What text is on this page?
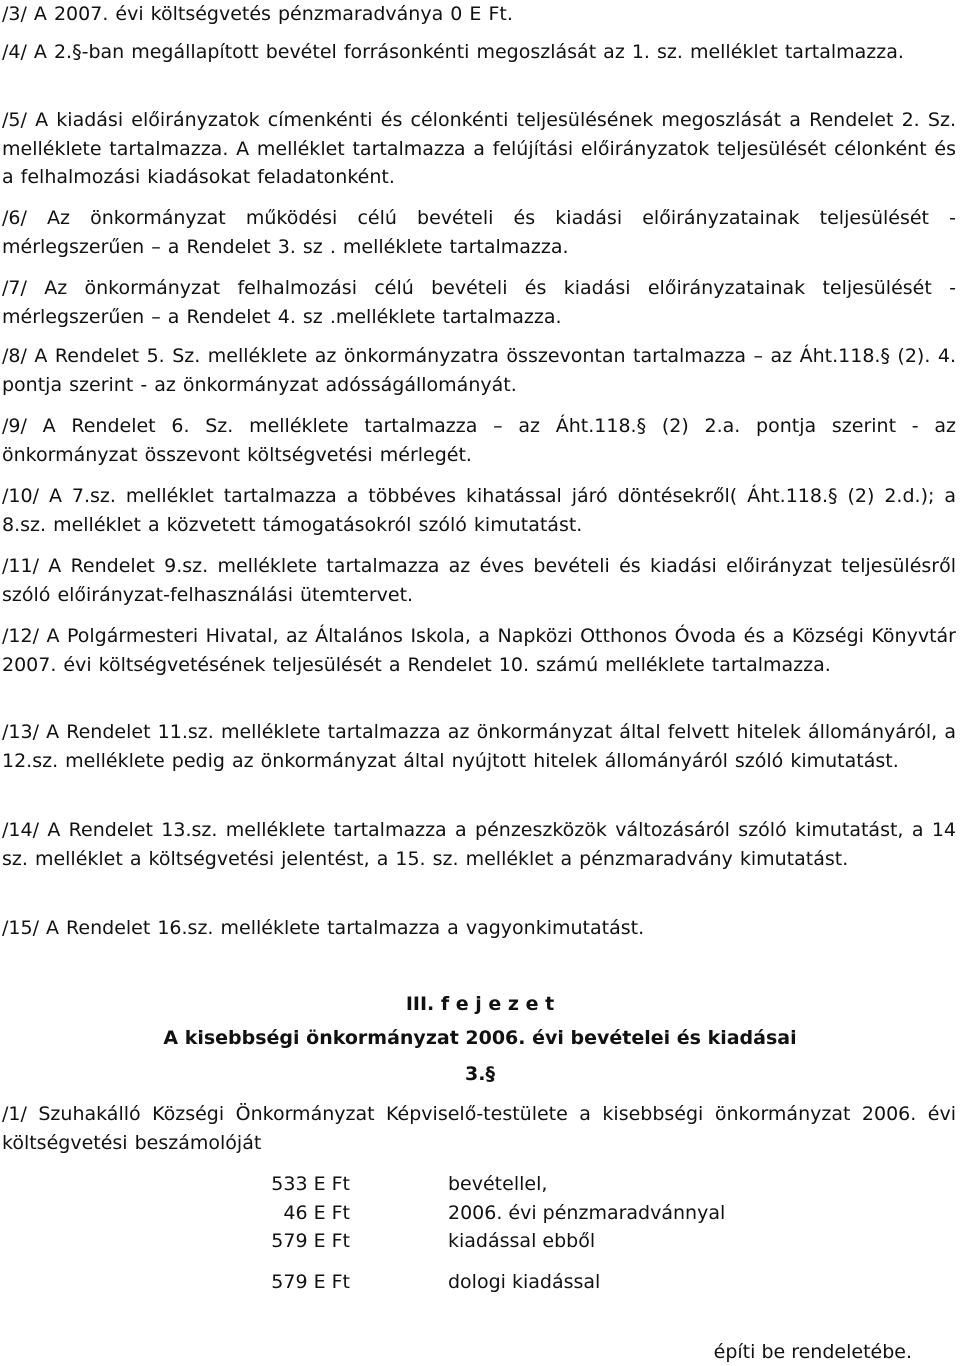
/3/ A 2007. évi költségvetés pénzmaradványa 0 E Ft.

/4/ A 2.§-ban megállapított bevétel forrásonkénti megoszlását az 1. sz. melléklet tartalmazza.

/5/ A kiadási előirányzatok címenkénti és célonkénti teljesülésének megoszlását a Rendelet 2. Sz. melléklete tartalmazza. A melléklet tartalmazza a felújítási előirányzatok teljesülését célonként és a felhalmozási kiadásokat feladatonként.

/6/ Az önkormányzat működési célú bevételi és kiadási előirányzatainak teljesülését - mérlegszerűen – a Rendelet 3. sz . melléklete tartalmazza.

/7/ Az önkormányzat felhalmozási célú bevételi és kiadási előirányzatainak teljesülését - mérlegszerűen – a Rendelet 4. sz .melléklete tartalmazza.

/8/ A Rendelet 5. Sz. melléklete az önkormányzatra összevontan tartalmazza – az Áht.118.§ (2). 4. pontja szerint - az önkormányzat adósságállományát.

/9/ A Rendelet 6. Sz. melléklete tartalmazza – az Áht.118.§ (2) 2.a. pontja szerint - az önkormányzat összevont költségvetési mérlegét.

/10/ A 7.sz. melléklet tartalmazza a többéves kihatással járó döntésekről( Áht.118.§ (2) 2.d.); a 8.sz. melléklet a közvetett támogatásokról szóló kimutatást.

/11/ A Rendelet 9.sz. melléklete tartalmazza az éves bevételi és kiadási előirányzat teljesülésről szóló előirányzat-felhasználási ütemtervet.

/12/ A Polgármesteri Hivatal, az Általános Iskola, a Napközi Otthonos Óvoda és a Községi Könyvtár 2007. évi költségvetésének teljesülését a Rendelet 10. számú melléklete tartalmazza.

/13/ A Rendelet 11.sz. melléklete tartalmazza az önkormányzat által felvett hitelek állományáról, a 12.sz. melléklete pedig az önkormányzat által nyújtott hitelek állományáról szóló kimutatást.

/14/ A Rendelet 13.sz. melléklete tartalmazza a pénzeszközök változásáról szóló kimutatást, a 14 sz. melléklet a költségvetési jelentést, a 15. sz. melléklet a pénzmaradvány kimutatást.

/15/ A Rendelet 16.sz. melléklete tartalmazza a vagyonkimutatást.

III. f e j e z e t

A kisebbségi önkormányzat 2006. évi bevételei és kiadásai

3.§

/1/ Szuhakálló Községi Önkormányzat Képviselő-testülete a kisebbségi önkormányzat 2006. évi költségvetési beszámolóját

533 E Ft	bevétellel,
46 E Ft	2006. évi pénzmaradvánnyal
579 E Ft	kiadással ebből
579 E Ft	dologi kiadással
építi be rendeletébe.
